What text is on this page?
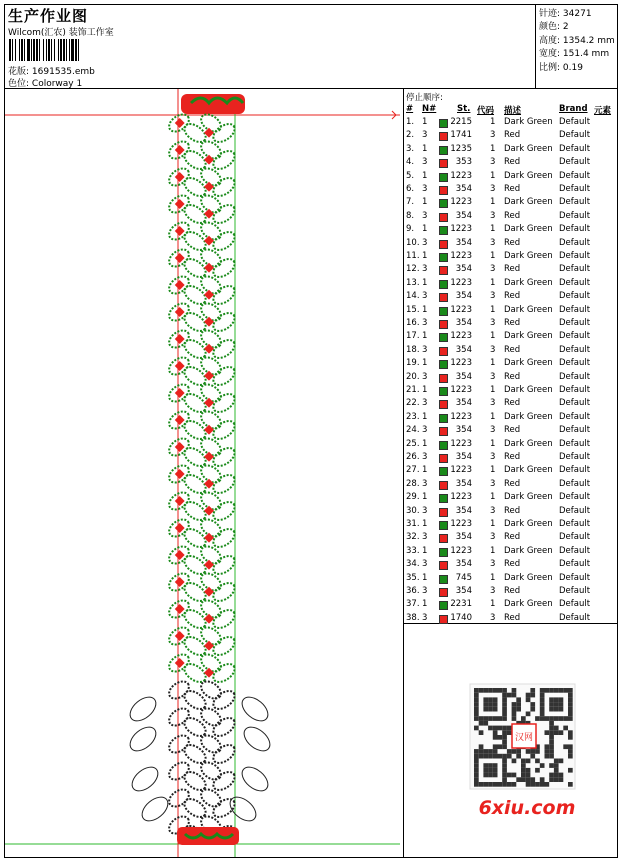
生产作业图
Wilcom(汇农) 装饰工作室
花版: 1691535.emb
色位: Colorway 1
针迹: 34271
颜色: 2
高度: 1354.2 mm
宽度: 151.4 mm
比例: 0.19
停止顺序:
# N# St. 代码 描述	Brand 元素
1. 1	2215 1 Dark Green Default
2. 3	1741 3 Red	Default
3. 1	1235 1 Dark Green Default
4. 3	353 3 Red	Default
5. 1	1223 1 Dark Green Default
6. 3	354 3 Red	Default
7. 1	1223 1 Dark Green Default
8. 3	354 3 Red	Default
9. 1	1223 1 Dark Green Default
10. 3	354 3 Red	Default
11. 1	1223 1 Dark Green Default
12. 3	354 3 Red	Default
13. 1	1223 1 Dark Green Default
14. 3	354 3 Red	Default
15. 1	1223 1 Dark Green Default
16. 3	354 3 Red	Default
17. 1	1223 1 Dark Green Default
18. 3	354 3 Red	Default
19. 1	1223 1 Dark Green Default
20. 3	354 3 Red	Default
21. 1	1223 1 Dark Green Default
22. 3	354 3 Red	Default
23. 1	1223 1 Dark Green Default
24. 3	354 3 Red	Default
25. 1	1223 1 Dark Green Default
26. 3	354 3 Red	Default
27. 1	1223 1 Dark Green Default
28. 3	354 3 Red	Default
29. 1	1223 1 Dark Green Default
30. 3	354 3 Red	Default
31. 1	1223 1 Dark Green Default
32. 3	354 3 Red	Default
33. 1	1223 1 Dark Green Default
34. 3	354 3 Red	Default
35. 1	745 1 Dark Green Default
36. 3	354 3 Red	Default
37. 1	2231 1 Dark Green Default
38. 3	1740 3 Red	Default
汉网
6xiu.com
